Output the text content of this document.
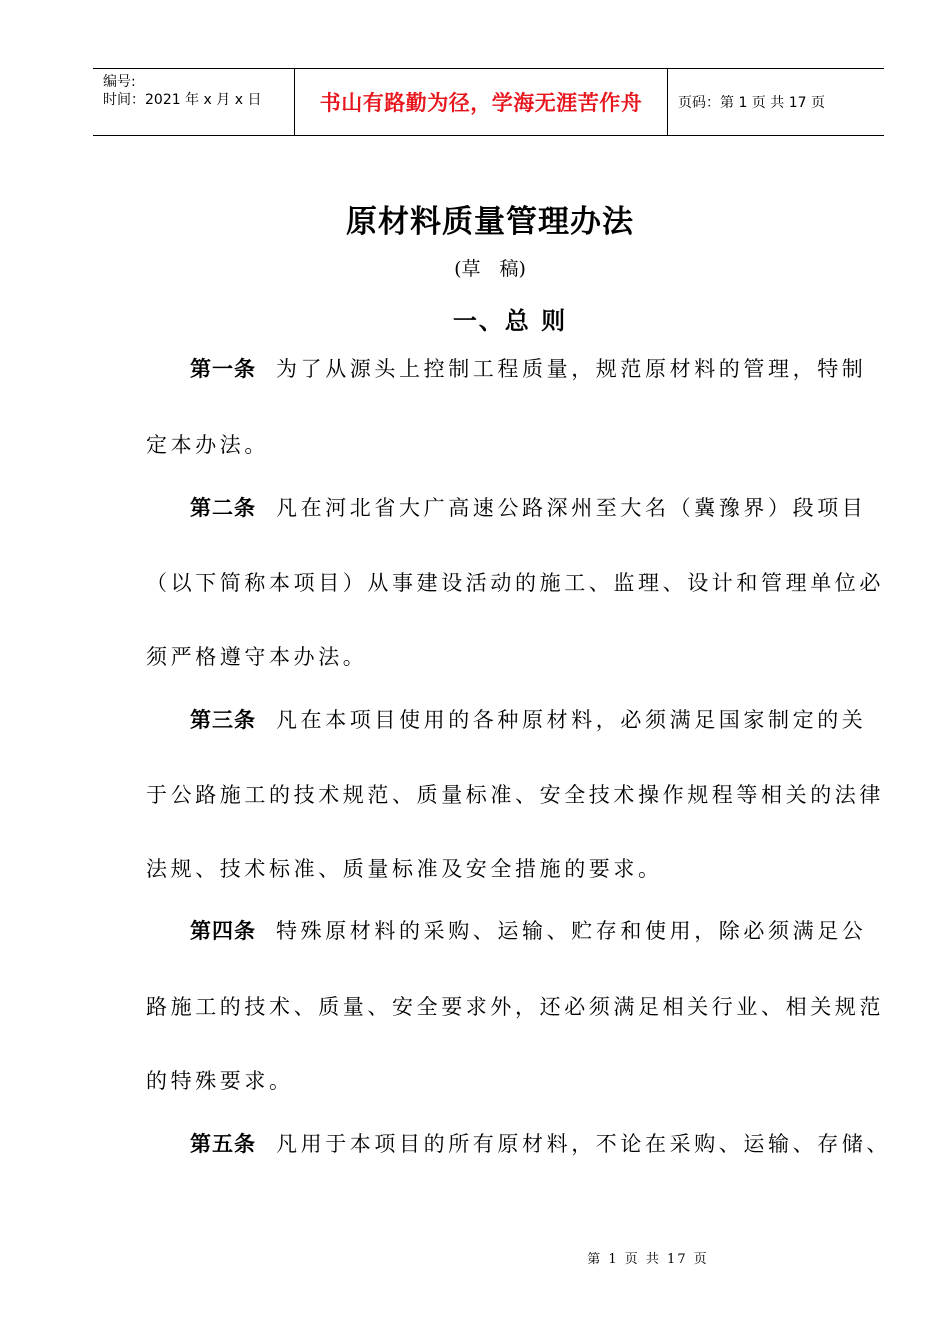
编号:
时间：2021 年 x 月 x 日	书山有路勤为径，学海无涯苦作舟	页码：第 1 页 共 17 页
原材料质量管理办法
(草　稿)
一、总 则
第一条 为了从源头上控制工程质量，规范原材料的管理，特制
定本办法。
第二条 凡在河北省大广高速公路深州至大名（冀豫界）段项目
（以下简称本项目）从事建设活动的施工、监理、设计和管理单位必
须严格遵守本办法。
第三条 凡在本项目使用的各种原材料，必须满足国家制定的关
于公路施工的技术规范、质量标准、安全技术操作规程等相关的法律
法规、技术标准、质量标准及安全措施的要求。
第四条 特殊原材料的采购、运输、贮存和使用，除必须满足公
路施工的技术、质量、安全要求外，还必须满足相关行业、相关规范
的特殊要求。
第五条 凡用于本项目的所有原材料，不论在采购、运输、存储、
第 1 页 共 17 页
